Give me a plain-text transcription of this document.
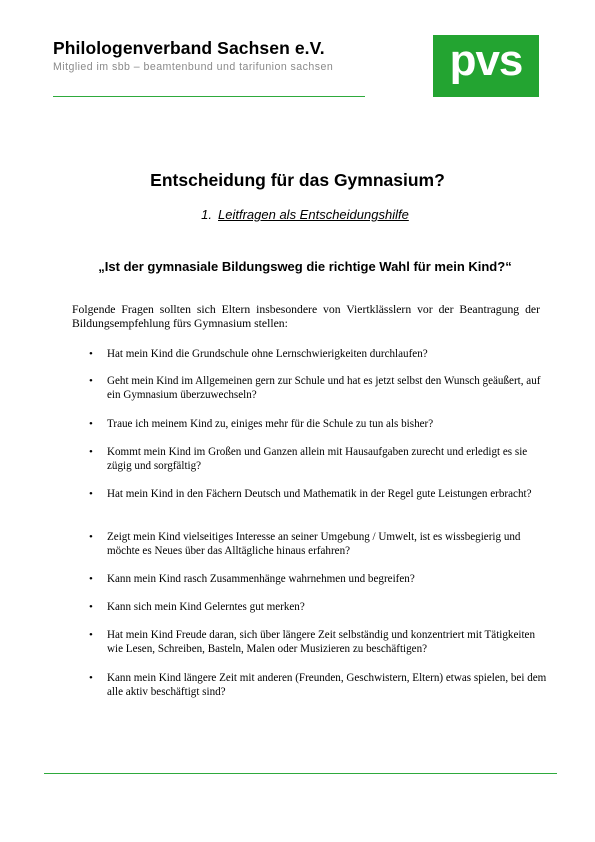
Philologenverband Sachsen e.V.
Mitglied im sbb – beamtenbund und tarifunion sachsen	pvs
Entscheidung für das Gymnasium?

1. Leitfragen als Entscheidungshilfe

„Ist der gymnasiale Bildungsweg die richtige Wahl für mein Kind?“

Folgende Fragen sollten sich Eltern insbesondere von Viertklässlern vor der Beantragung der Bildungsempfehlung fürs Gymnasium stellen:

• Hat mein Kind die Grundschule ohne Lernschwierigkeiten durchlaufen?
• Geht mein Kind im Allgemeinen gern zur Schule und hat es jetzt selbst den Wunsch geäußert, auf ein Gymnasium überzuwechseln?
• Traue ich meinem Kind zu, einiges mehr für die Schule zu tun als bisher?
• Kommt mein Kind im Großen und Ganzen allein mit Hausaufgaben zurecht und erledigt es sie zügig und sorgfältig?
• Hat mein Kind in den Fächern Deutsch und Mathematik in der Regel gute Leistungen erbracht?
• Zeigt mein Kind vielseitiges Interesse an seiner Umgebung / Umwelt, ist es wissbegierig und möchte es Neues über das Alltägliche hinaus erfahren?
• Kann mein Kind rasch Zusammenhänge wahrnehmen und begreifen?
• Kann sich mein Kind Gelerntes gut merken?
• Hat mein Kind Freude daran, sich über längere Zeit selbständig und konzentriert mit Tätigkeiten wie Lesen, Schreiben, Basteln, Malen oder Musizieren zu beschäftigen?
• Kann mein Kind längere Zeit mit anderen (Freunden, Geschwistern, Eltern) etwas spielen, bei dem alle aktiv beschäftigt sind?
